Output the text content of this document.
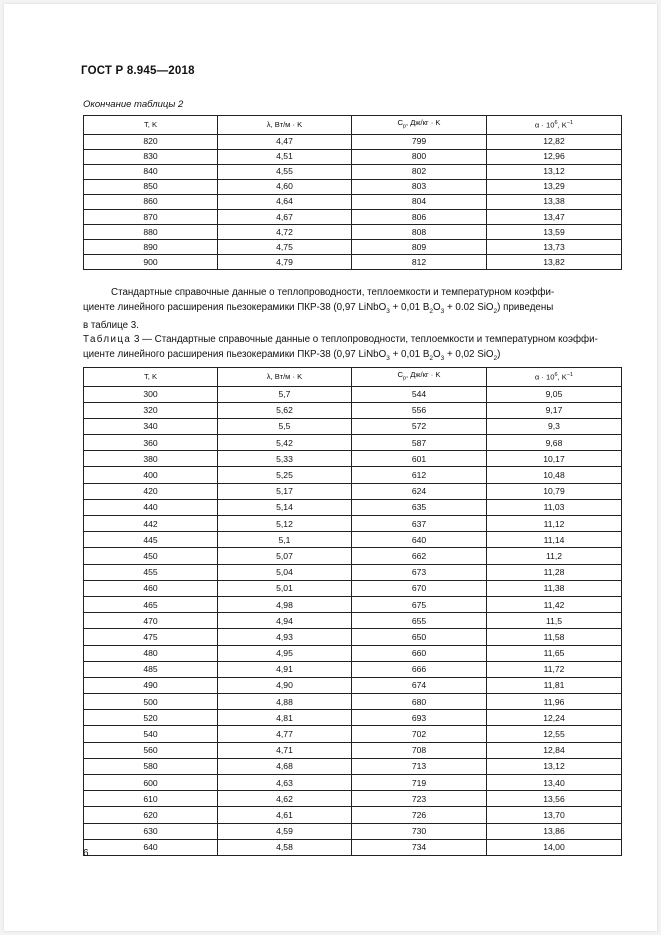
ГОСТ Р 8.945—2018
Окончание таблицы 2
T, K	λ, Вт/м · K	$C_p$, Дж/кг · K	$\alpha \cdot 10^6$, $K^{-1}$
820	4,47	799	12,82
830	4,51	800	12,96
840	4,55	802	13,12
850	4,60	803	13,29
860	4,64	804	13,38
870	4,67	806	13,47
880	4,72	808	13,59
890	4,75	809	13,73
900	4,79	812	13,82
Стандартные справочные данные о теплопроводности, теплоемкости и температурном коэффи-
циенте линейного расширения пьезокерамики ПКР-38 (0,97 LiNbO$_3$ + 0,01 $B_2O_3 + 0.02$ SiO$_2$) приведены
в таблице 3.
Таблица 3 — Стандартные справочные данные о теплопроводности, теплоемкости и температурном коэффи-
циенте линейного расширения пьезокерамики ПКР-38 (0,97 LiNbO$_3$ + 0,01 $B_2O_3 + 0,02$ SiO$_2$)
T, K	λ, Вт/м · K	$C_p$, Дж/кг · K	$\alpha \cdot 10^6$, $K^{-1}$
300	5,7	544	9,05
320	5,62	556	9,17
340	5,5	572	9,3
360	5,42	587	9,68
380	5,33	601	10,17
400	5,25	612	10,48
420	5,17	624	10,79
440	5,14	635	11,03
442	5,12	637	11,12
445	5,1	640	11,14
450	5,07	662	11,2
455	5,04	673	11,28
460	5,01	670	11,38
465	4,98	675	11,42
470	4,94	655	11,5
475	4,93	650	11,58
480	4,95	660	11,65
485	4,91	666	11,72
490	4,90	674	11,81
500	4,88	680	11,96
520	4,81	693	12,24
540	4,77	702	12,55
560	4,71	708	12,84
580	4,68	713	13,12
600	4,63	719	13,40
610	4,62	723	13,56
620	4,61	726	13,70
630	4,59	730	13,86
640	4,58	734	14,00
6
